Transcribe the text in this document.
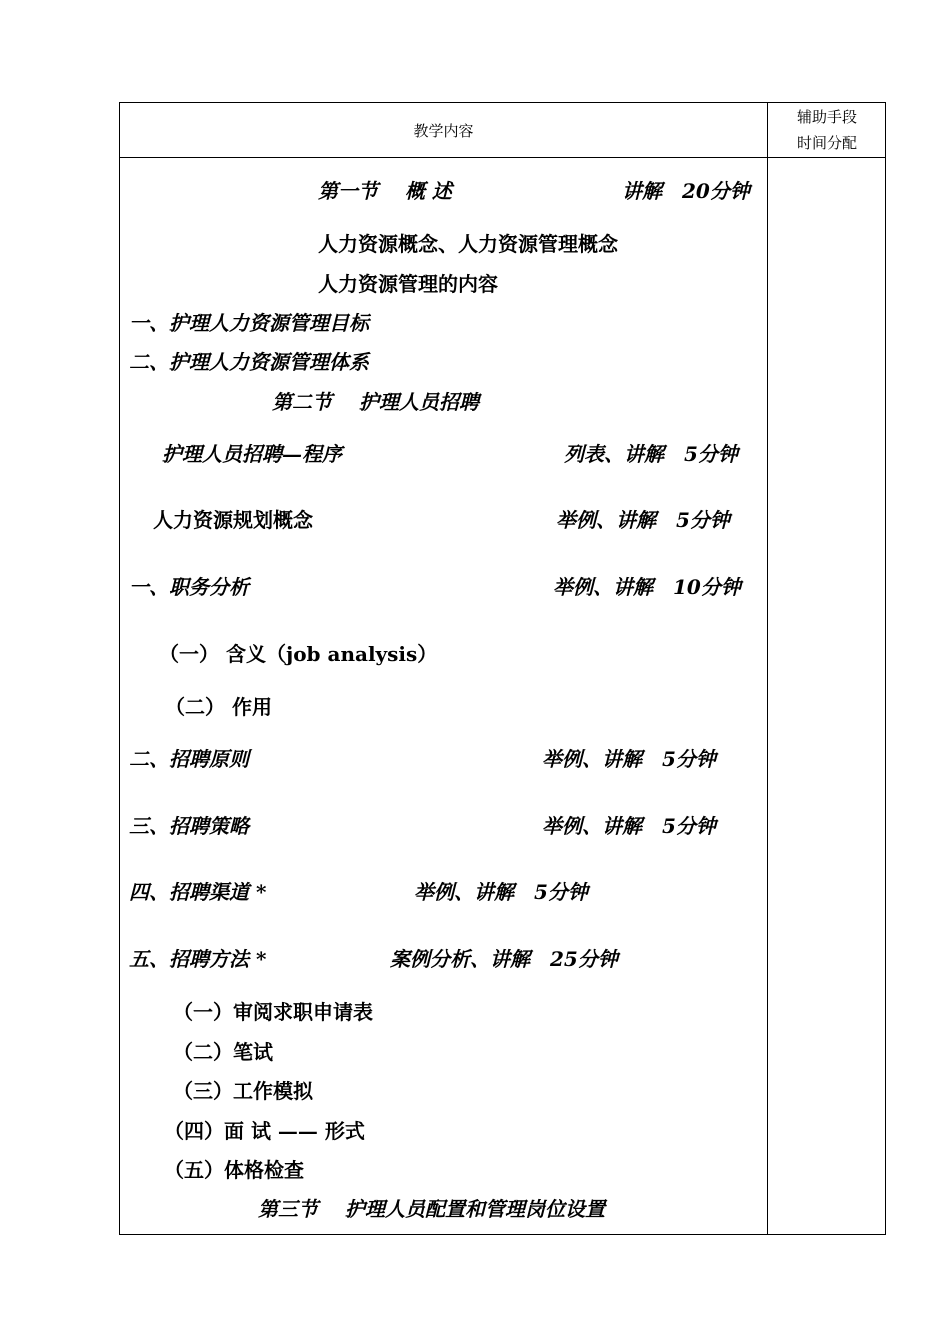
教学内容
辅助手段
时间分配
第一节　 概 述	讲解　20分钟
人力资源概念、人力资源管理概念
人力资源管理的内容
一、护理人力资源管理目标
二、护理人力资源管理体系
第二节　 护理人员招聘
护理人员招聘—程序	列表、讲解　5分钟
人力资源规划概念	举例、讲解　5分钟
一、职务分析	举例、讲解　10分钟
（一） 含义（job analysis）
（二） 作用
二、招聘原则	举例、讲解　5分钟
三、招聘策略	举例、讲解　5分钟
四、招聘渠道 *	举例、讲解　5分钟
五、招聘方法 *	案例分析、讲解　25分钟
（一）审阅求职申请表
（二）笔试
（三）工作模拟
（四）面 试 —— 形式
（五）体格检查
第三节　 护理人员配置和管理岗位设置
